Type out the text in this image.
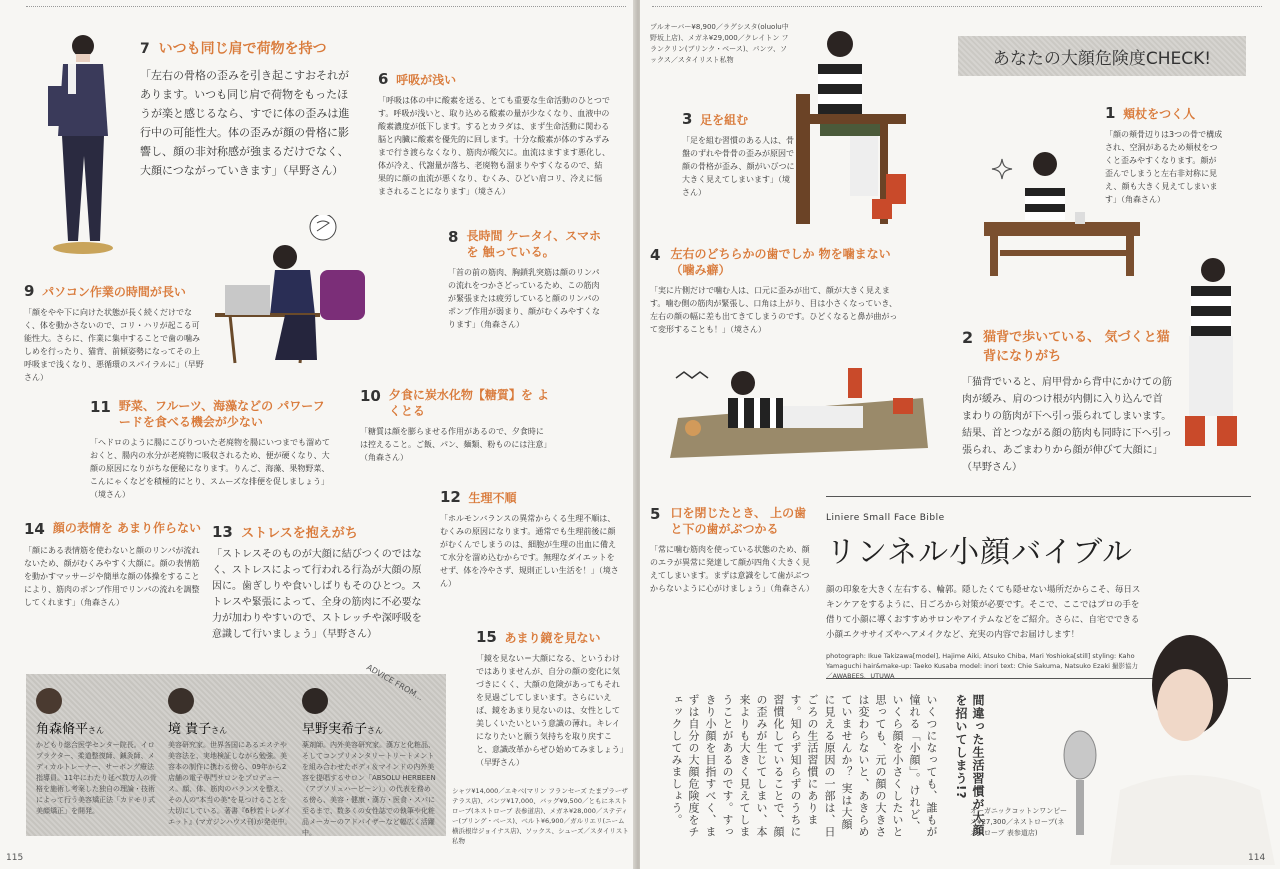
7 いつも同じ肩で荷物を持つ
「左右の骨格の歪みを引き起こすおそれがあります。いつも同じ肩で荷物をもったほうが楽と感じるなら、すでに体の歪みは進行中の可能性大。体の歪みが顔の骨格に影響し、顔の非対称感が強まるだけでなく、大顔につながっていきます」（早野さん）
6 呼吸が浅い
「呼吸は体の中に酸素を送る、とても重要な生命活動のひとつです。呼吸が浅いと、取り込める酸素の量が少なくなり、血液中の酸素濃度が低下します。するとカラダは、まず生命活動に関わる脳と内臓に酸素を優先的に回します。十分な酸素が体のすみずみまで行き渡らなくなり、筋肉が酸欠に。血流はますます悪化し、体が冷え、代謝量が落ち、老廃物も溜まりやすくなるので、結果的に顔の血流が悪くなり、むくみ、ひどい肩コリ、冷えに悩まされることになります」（境さん）
8 長時間 ケータイ、スマホを 触っている。
「首の前の筋肉、胸鎖乳突筋は顔のリンパの流れをつかさどっているため、この筋肉が緊張または疲労していると顔のリンパのポンプ作用が弱まり、顔がむくみやすくなります」（角森さん）
9 パソコン作業の時間が長い
「顔をやや下に向けた状態が長く続くだけでなく、体を動かさないので、コリ・ハリが起こる可能性大。さらに、作業に集中することで歯の噛みしめを行ったり、猫背、前傾姿勢になってその上呼吸まで浅くなり、悪循環のスパイラルに」（早野さん）
10 夕食に炭水化物【糖質】を よくとる
「糖質は顔を膨らませる作用があるので、夕食時には控えること。ご飯、パン、麺類、粉ものには注意」（角森さん）
11 野菜、フルーツ、海藻などの パワーフードを食べる機会が少ない
「ヘドロのように腸にこびりついた老廃物を腸にいつまでも溜めておくと、腸内の水分が老廃物に吸収されるため、便が硬くなり、大顔の原因になりがちな便秘になります。りんご、海藻、果物野菜、こんにゃくなどを積極的にとり、スムーズな排便を促しましょう」（境さん）	12 生理不順
「ホルモンバランスの異常からくる生理不順は、むくみの原因になります。通常でも生理前後に顔がむくんでしまうのは、細胞が生理の出血に備えて水分を溜め込むからです。無理なダイエットをせず、体を冷やさず、規則正しい生活を！」（境さん）
13 ストレスを抱えがち
「ストレスそのものが大顔に結びつくのではなく、ストレスによって行われる行為が大顔の原因に。歯ぎしりや食いしばりもそのひとつ。ストレスや緊張によって、全身の筋肉に不必要な力が加わりやすいので、ストレッチや深呼吸を意識して行いましょう」（早野さん）
14 顔の表情を あまり作らない
「顔にある表情筋を使わないと顔のリンパが流れないため、顔がむくみやすく大顔に。顔の表情筋を動かすマッサージや簡単な顔の体操をすることにより、筋肉のポンプ作用でリンパの流れを調整してくれます」（角森さん）
15 あまり鏡を見ない
「鏡を見ない＝大顔になる、というわけではありませんが、自分の顔の変化に気づきにくく、大顔の危険があってもそれを見過ごしてしまいます。さらにいえば、鏡をあまり見ないのは、女性として美しくいたいという意識の薄れ。キレイになりたいと願う気持ちを取り戻すこと、意識改革からぜひ始めてみましょう」（早野さん）
ADVICE FROM...
角森脩平さん
かどもり総合医学センター院長。イロプラクター、柔道整復師、鍼灸師、メディカルトレーナー、サーボング療法指導員。11年にわたり延べ数万人の骨格を施術し考案した独自の理論・技術によって行う美容矯正法「カドモリ式美顔矯正」を開発。
境 貴子さん
美容研究家。世界各国にあるエステや美容法を、実地検証しながら勉強。美容本の制作に携わる傍ら、09年から2店舗の電子専門サロンをプロデュース。顔、体、筋肉のバランスを整え、その人の"本当の美"を見つけることを大切にしている。著書『6秒若トレダイエット』(マガジンハウス刊)が発売中。
早野実希子さん
薬剤師。内外美容研究家。漢方と化粧品、そしてコンプリメンタリートリートメントを組み合わせたボディ＆マインドの内外美容を提唱するサロン「ABSOLU HERBEEN（アブソリュハービーン）」の代表を務める傍ら、美容・健康・漢方・医食・スパに至るまで、数多くの女性誌での執筆や化粧品メーカーのアドバイザーなど幅広く活躍中。
シャツ¥14,000／エキベ(マリン フランセーズ たまプラーザ テラス店)、パンツ¥17,000、バッグ¥9,500／ともにネストローブ(ネストローブ 表参道店)、メガネ¥28,000／ステディー(ブリング・ベース)、ベルト¥6,900／ガルリエリ(ニーム 横浜根岸ジョイナス店)、ソックス、シューズ／スタイリスト私物
115
プルオーバー¥8,900／ラグシスタ(oluolu中野坂上店)、メガネ¥29,000／クレイトン フランクリン(ブリンク・ベース)、パンツ、ソックス／スタイリスト私物	あなたの大顔危険度CHECK!
3 足を組む
「足を組む習慣のある人は、骨盤のずれや骨骨の歪みが原因で顔の骨格が歪み、顔がいびつに大きく見えてしまいます」（境さん）
1 頬杖をつく人
「顔の頬骨辺りは3つの骨で構成され、空洞があるため頬杖をつくと歪みやすくなります。顔が歪んでしまうと左右非対称に見え、顔も大きく見えてしまいます」（角森さん）
4 左右のどちらかの歯でしか 物を噛まない（噛み癖）
「実に片側だけで噛む人は、口元に歪みが出て、顔が大きく見えます。噛む側の筋肉が緊張し、口角は上がり、目は小さくなっていき、左右の顔の幅に差も出てきてしまうのです。ひどくなると鼻が曲がって変形することも！」（境さん）	2 猫背で歩いている、 気づくと猫背になりがち
「猫背でいると、肩甲骨から背中にかけての筋肉が緩み、肩のつけ根が内側に入り込んで首まわりの筋肉が下へ引っ張られてしまいます。結果、首とつながる顔の筋肉も同時に下へ引っ張られ、あごまわりから顔が伸びて大顔に」（早野さん）
5 口を閉じたとき、 上の歯と下の歯がぶつかる
「常に噛む筋肉を使っている状態のため、顔のエラが異常に発達して顔が四角く大きく見えてしまいます。まずは意識をして歯がぶつからないように心がけましょう」（角森さん）
Liniere Small Face Bible
リンネル小顔バイブル
顔の印象を大きく左右する、輪郭。隠したくても隠せない場所だからこそ、毎日スキンケアをするように、日ごろから対策が必要です。そこで、ここではプロの手を借りて小顔に導くおすすめサロンやアイテムなどをご紹介。さらに、自宅でできる小顔エクササイズやヘアメイクなど、充実の内容でお届けします！
photograph: Ikue Takizawa[model], Hajime Aiki, Atsuko Chiba, Mari Yoshioka[still] styling: Kaho Yamaguchi hair&make-up: Taeko Kusaba model: inori text: Chie Sakuma, Natsuko Ezaki 撮影協力／AWABEES、UTUWA
間違った生活習慣が大顔を招いてしまう!?
いくつになっても、誰もが憧れる「小顔」。けれど、いくら顔を小さくしたいと思っても、元の顔の大きさは変わらないと、あきらめていませんか？ 実は大顔に見える原因の一部は、日ごろの生活習慣にあります。知らず知らずのうちに習慣化していることで、顔の歪みが生じてしまい、本来よりも大きく見えてしまうことがあるのです。すっきり小顔を目指すべく、まずは自分の大顔危険度をチェックしてみましょう。	オーガニックコットンワンピース¥27,300／ネストローブ(ネストローブ 表参道店)
114
